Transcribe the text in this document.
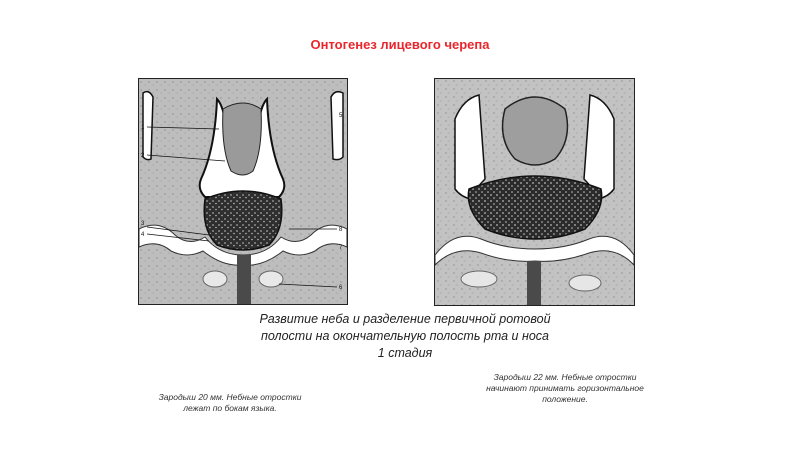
Онтогенез лицевого черепа
1
2
3
4
5
6
7
8
Развитие неба и разделение первичной ротовой
полости на окончательную полость рта и носа
1 стадия
Зародыш 20 мм. Небные отростки
лежат по бокам языка.
Зародыш 22 мм. Небные отростки
начинают принимать горизонтальное
положение.
